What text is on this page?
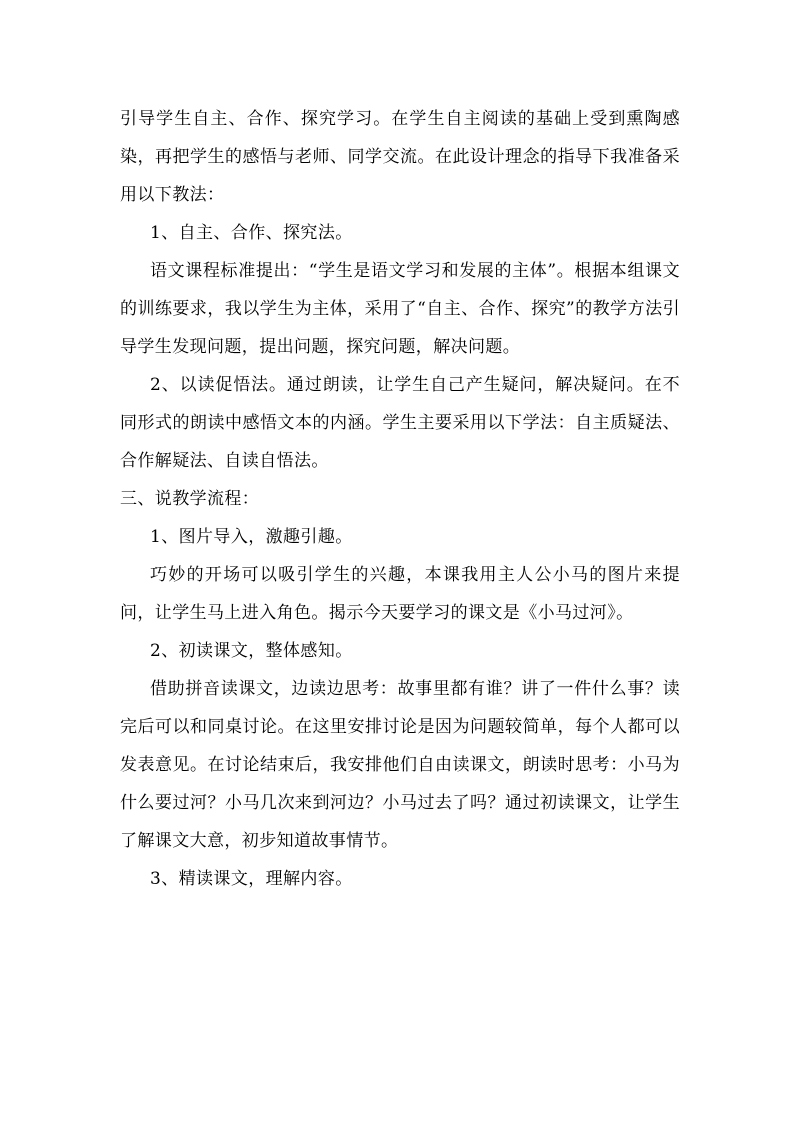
引导学生自主、合作、探究学习。在学生自主阅读的基础上受到熏陶感染，再把学生的感悟与老师、同学交流。在此设计理念的指导下我准备采用以下教法：

1、自主、合作、探究法。

语文课程标准提出：“学生是语文学习和发展的主体”。根据本组课文的训练要求，我以学生为主体，采用了“自主、合作、探究”的教学方法引导学生发现问题，提出问题，探究问题，解决问题。

2、以读促悟法。通过朗读，让学生自己产生疑问，解决疑问。在不同形式的朗读中感悟文本的内涵。学生主要采用以下学法：自主质疑法、合作解疑法、自读自悟法。

三、说教学流程：

1、图片导入，激趣引趣。

巧妙的开场可以吸引学生的兴趣，本课我用主人公小马的图片来提问，让学生马上进入角色。揭示今天要学习的课文是《小马过河》。

2、初读课文，整体感知。

借助拼音读课文，边读边思考：故事里都有谁？讲了一件什么事？读完后可以和同桌讨论。在这里安排讨论是因为问题较简单，每个人都可以发表意见。在讨论结束后，我安排他们自由读课文，朗读时思考：小马为什么要过河？小马几次来到河边？小马过去了吗？通过初读课文，让学生了解课文大意，初步知道故事情节。

3、精读课文，理解内容。
